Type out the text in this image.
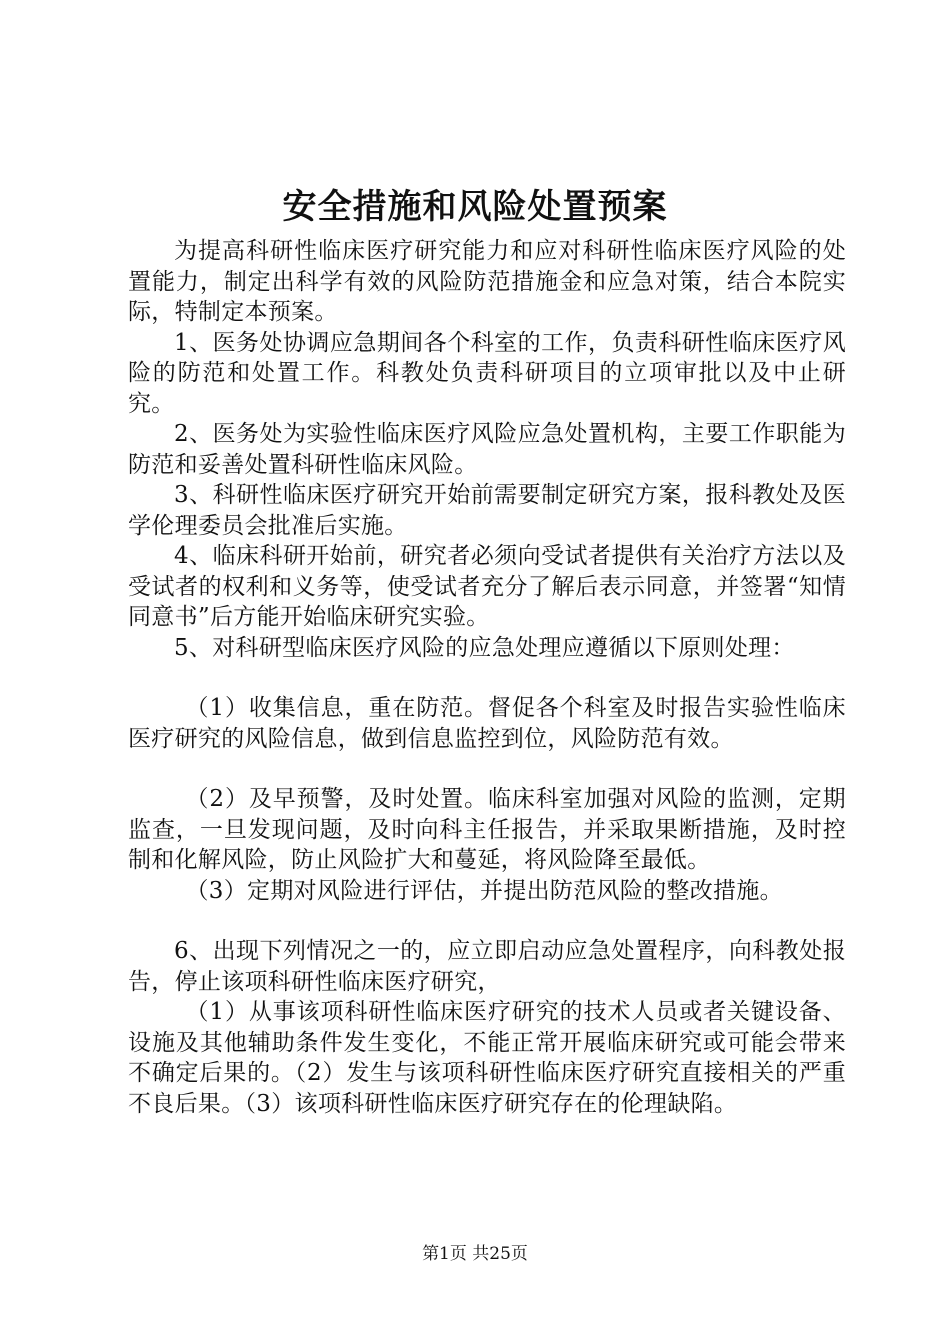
安全措施和风险处置预案

为提高科研性临床医疗研究能力和应对科研性临床医疗风险的处置能力，制定出科学有效的风险防范措施金和应急对策，结合本院实际，特制定本预案。

1、医务处协调应急期间各个科室的工作，负责科研性临床医疗风险的防范和处置工作。科教处负责科研项目的立项审批以及中止研究。

2、医务处为实验性临床医疗风险应急处置机构，主要工作职能为防范和妥善处置科研性临床风险。

3、科研性临床医疗研究开始前需要制定研究方案，报科教处及医学伦理委员会批准后实施。

4、临床科研开始前，研究者必须向受试者提供有关治疗方法以及受试者的权利和义务等，使受试者充分了解后表示同意，并签署“知情同意书”后方能开始临床研究实验。

5、对科研型临床医疗风险的应急处理应遵循以下原则处理：

（1）收集信息，重在防范。督促各个科室及时报告实验性临床医疗研究的风险信息，做到信息监控到位，风险防范有效。

（2）及早预警，及时处置。临床科室加强对风险的监测，定期监查，一旦发现问题，及时向科主任报告，并采取果断措施，及时控制和化解风险，防止风险扩大和蔓延，将风险降至最低。

（3）定期对风险进行评估，并提出防范风险的整改措施。

6、出现下列情况之一的，应立即启动应急处置程序，向科教处报告，停止该项科研性临床医疗研究，

（1）从事该项科研性临床医疗研究的技术人员或者关键设备、设施及其他辅助条件发生变化，不能正常开展临床研究或可能会带来不确定后果的。（2）发生与该项科研性临床医疗研究直接相关的严重不良后果。（3）该项科研性临床医疗研究存在的伦理缺陷。

第1页 共25页
